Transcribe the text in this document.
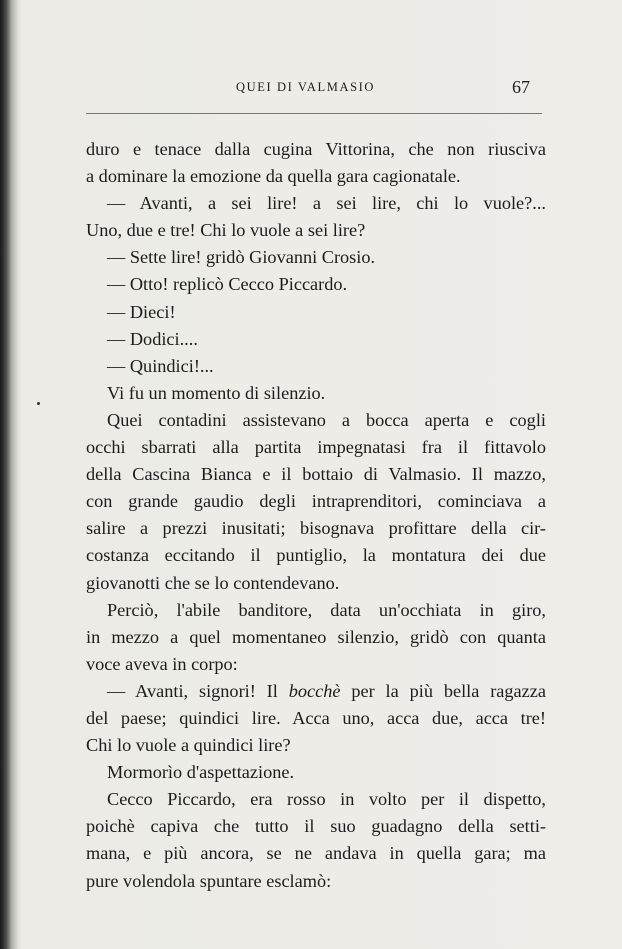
QUEI DI VALMASIO	67
duro e tenace dalla cugina Vittorina, che non riusciva
a dominare la emozione da quella gara cagionatale.
— Avanti, a sei lire! a sei lire, chi lo vuole?...
Uno, due e tre! Chi lo vuole a sei lire?
— Sette lire! gridò Giovanni Crosio.
— Otto! replicò Cecco Piccardo.
— Dieci!
— Dodici....
— Quindici!...
Vi fu un momento di silenzio.
Quei contadini assistevano a bocca aperta e cogli
occhi sbarrati alla partita impegnatasi fra il fittavolo
della Cascina Bianca e il bottaio di Valmasio. Il mazzo,
con grande gaudio degli intraprenditori, cominciava a
salire a prezzi inusitati; bisognava profittare della cir-
costanza eccitando il puntiglio, la montatura dei due
giovanotti che se lo contendevano.
Perciò, l'abile banditore, data un'occhiata in giro,
in mezzo a quel momentaneo silenzio, gridò con quanta
voce aveva in corpo:
— Avanti, signori! Il bocchè per la più bella ragazza
del paese; quindici lire. Acca uno, acca due, acca tre!
Chi lo vuole a quindici lire?
Mormorìo d'aspettazione.
Cecco Piccardo, era rosso in volto per il dispetto,
poichè capiva che tutto il suo guadagno della setti-
mana, e più ancora, se ne andava in quella gara; ma
pure volendola spuntare esclamò:
